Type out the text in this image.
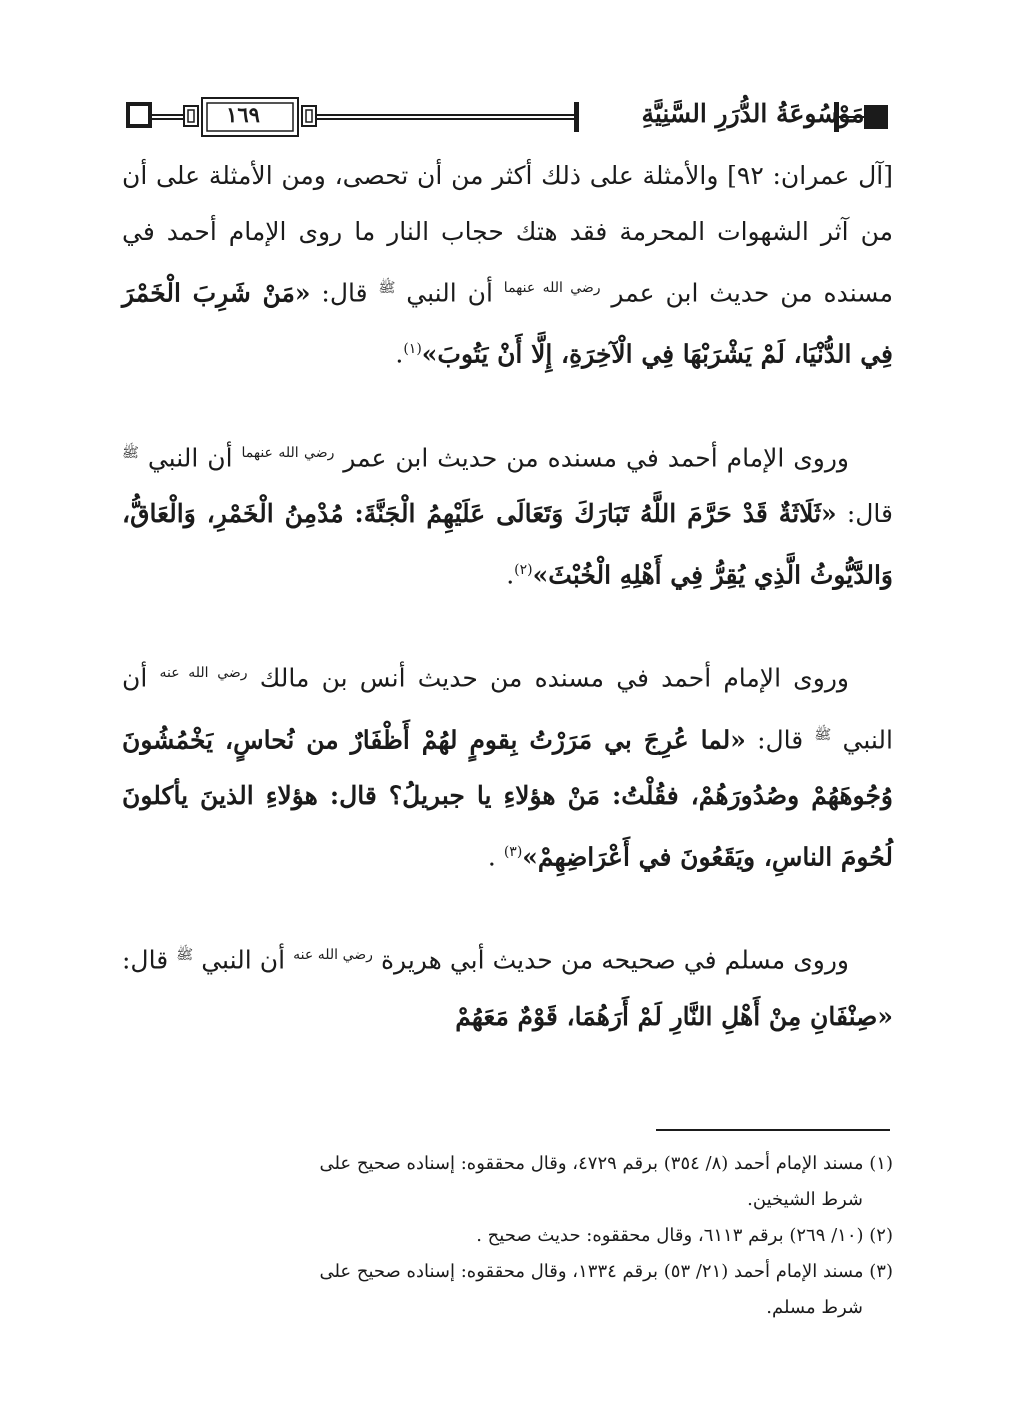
١٦٩	مَوْسُوعَةُ الدُّرَرِ السَّنِيَّةِ

[آل عمران: ٩٢] والأمثلة على ذلك أكثر من أن تحصى، ومن الأمثلة على أن من آثر الشهوات المحرمة فقد هتك حجاب النار ما روى الإمام أحمد في مسنده من حديث ابن عمر $^{رضي الله عنهما}$ أن النبي $^ﷺ$ قال: «مَنْ شَرِبَ الْخَمْرَ فِي الدُّنْيَا، لَمْ يَشْرَبْهَا فِي الْآخِرَةِ، إِلَّا أَنْ يَتُوبَ»$^{(١)}$.

وروى الإمام أحمد في مسنده من حديث ابن عمر $^{رضي الله عنهما}$ أن النبي $^ﷺ$ قال: «ثَلَاثَةٌ قَدْ حَرَّمَ اللَّهُ تَبَارَكَ وَتَعَالَى عَلَيْهِمُ الْجَنَّةَ: مُدْمِنُ الْخَمْرِ، وَالْعَاقُّ، وَالدَّيُّوثُ الَّذِي يُقِرُّ فِي أَهْلِهِ الْخُبْثَ»$^{(٢)}$.

وروى الإمام أحمد في مسنده من حديث أنس بن مالك $^{رضي الله عنه}$ أن النبي $^ﷺ$ قال: «لما عُرِجَ بي مَرَرْتُ بِقومٍ لهُمْ أَظْفَارٌ من نُحاسٍ، يَخْمُشُونَ وُجُوهَهُمْ وصُدُورَهُمْ، فقُلْتُ: مَنْ هؤلاءِ يا جبريلُ؟ قال: هؤلاءِ الذينَ يأكلونَ لُحُومَ الناسِ، ويَقَعُونَ في أَعْرَاضِهِمْ»$^{(٣)}$ .

وروى مسلم في صحيحه من حديث أبي هريرة $^{رضي الله عنه}$ أن النبي $^ﷺ$ قال: «صِنْفَانِ مِنْ أَهْلِ النَّارِ لَمْ أَرَهُمَا، قَوْمٌ مَعَهُمْ

(١) مسند الإمام أحمد (٨/ ٣٥٤) برقم ٤٧٢٩، وقال محققوه: إسناده صحيح على
شرط الشيخين.

(٢) (١٠/ ٢٦٩) برقم ٦١١٣، وقال محققوه: حديث صحيح .

(٣) مسند الإمام أحمد (٢١/ ٥٣) برقم ١٣٣٤، وقال محققوه: إسناده صحيح على
شرط مسلم.
